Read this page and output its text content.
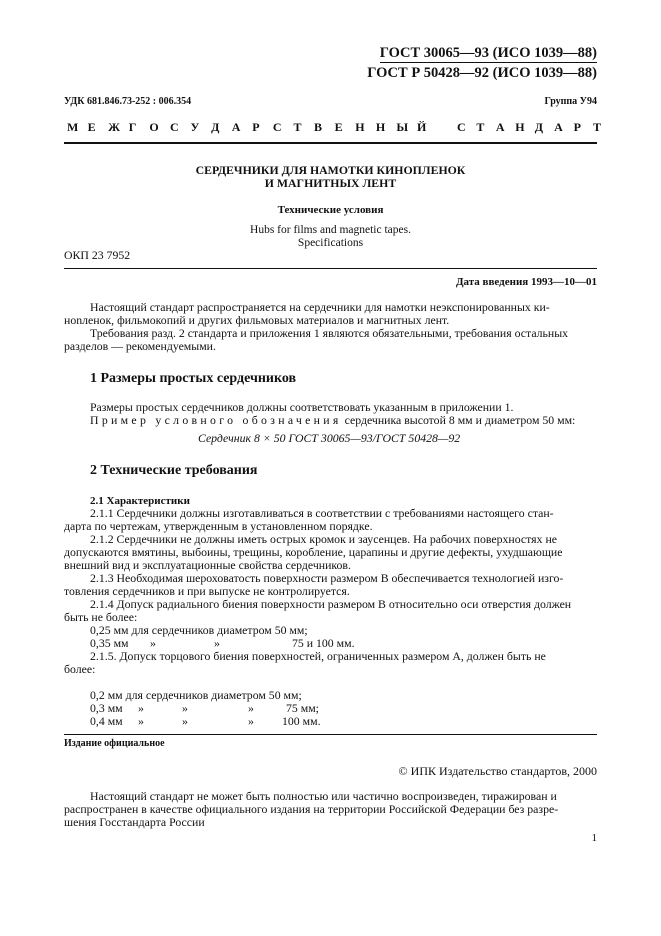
ГОСТ 30065—93 (ИСО 1039—88)
ГОСТ Р 50428—92 (ИСО 1039—88)
УДК 681.846.73-252 : 006.354	Группа У94
М Е Ж Г О С У Д А Р С Т В Е Н Н Ы Й	С Т А Н Д А Р Т
СЕРДЕЧНИКИ ДЛЯ НАМОТКИ КИНОПЛЕНОК
И МАГНИТНЫХ ЛЕНТ
Технические условия
Hubs for films and magnetic tapes.
Specifications
ОКП 23 7952
Дата введения 1993—10—01
Настоящий стандарт распространяется на сердечники для намотки неэкспонированных ки-
ноnленок, фильмокопий и других фильмовых материалов и магнитных лент.
Требования разд. 2 стандарта и приложения 1 являются обязательными, требования остальных
разделов — рекомендуемыми.
1 Размеры простых сердечников
Размеры простых сердечников должны соответствовать указанным в приложении 1.
Пример условного обозначения сердечника высотой 8 мм и диаметром 50 мм:
Сердечник 8 × 50 ГОСТ 30065—93/ГОСТ 50428—92
2 Технические требования
2.1 Характеристики
2.1.1 Сердечники должны изготавливаться в соответствии с требованиями настоящего стан-
дарта по чертежам, утвержденным в установленном порядке.
2.1.2 Сердечники не должны иметь острых кромок и заусенцев. На рабочих поверхностях не
допускаются вмятины, выбоины, трещины, коробление, царапины и другие дефекты, ухудшающие
внешний вид и эксплуатационные свойства сердечников.
2.1.3 Необходимая шероховатость поверхности размером B обеспечивается технологией изго-
товления сердечников и при выпуске не контролируется.
2.1.4 Допуск радиального биения поверхности размером B относительно оси отверстия должен
быть не более:
0,25 мм для сердечников диаметром 50 мм;
0,35 мм »	»	75 и 100 мм.
2.1.5. Допуск торцового биения поверхностей, ограниченных размером A, должен быть не
более:
0,2 мм для сердечников диаметром 50 мм;
0,3 мм »	»	»	75 мм;
0,4 мм »	»	» 100 мм.
Издание официальное
© ИПК Издательство стандартов, 2000
Настоящий стандарт не может быть полностью или частично воспроизведен, тиражирован и
распространен в качестве официального издания на территории Российской Федерации без разре-
шения Госстандарта России
1
